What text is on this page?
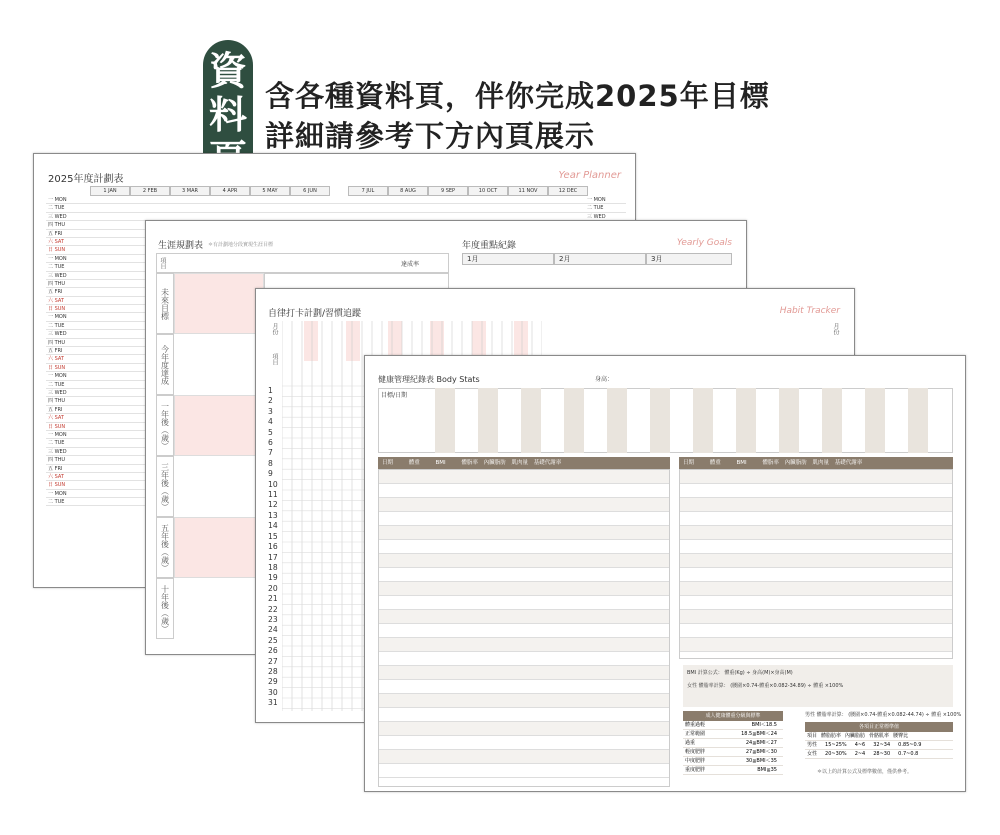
資
料 含各種資料頁，伴你完成2025年目標
詳細請參考下方內頁展示
2025年度計劃表	Year Planner
1 JAN	2 FEB	3 MAR	4 APR	5 MAY	6 JUN	7 JUL	8 AUG	9 SEP	10 OCT	11 NOV	12 DEC
一 MON
二 TUE
三 WED
四 THU
五 FRI
六 SAT
日 SUN
一 MON
二 TUE
三 WED
四 THU
五 FRI
六 SAT
日 SUN
一 MON
二 TUE
三 WED
四 THU
五 FRI
六 SAT
日 SUN
一 MON
二 TUE
三 WED
四 THU
五 FRI
六 SAT
日 SUN
一 MON
二 TUE
三 WED
四 THU
五 FRI
六 SAT
日 SUN
一 MON
二 TUE
一 MON
二 TUE
三 WED
生涯規劃表 ＊有計劃地分段實現生涯目標	年度重點紀錄	Yearly Goals
項目	達成率
未來目標
今年度達成
一年後（歲）
三年後（歲）
五年後（歲）
十年後（歲）
1月	2月	3月
自律打卡計劃/習慣追蹤	Habit Tracker
月份
項目
月份
1
2
3
4
5
6
7
8
9
10
11
12
13
14
15
16
17
18
19
20
21
22
23
24
25
26
27
28
29
30
31
健康管理紀錄表 Body Stats	身高：
目標/日期
日期	體重	BMI	體脂率 內臟脂肪 肌肉量 基礎代謝率	日期	體重	BMI	體脂率 內臟脂肪 肌肉量 基礎代謝率
BMI 計算公式： 體重(Kg) ÷ 身高(M)×身高(M)
女性 體脂率計算： (腰圍×0.74-體重×0.082-34.89) ÷ 體重 ×100%
男性 體脂率計算： (腰圍×0.74-體重×0.082-44.74) ÷ 體重 ×100%
成人健康體重分級與標準
體重過輕	BMI＜18.5
正常範圍	18.5≦BMI＜24
過重	24≦BMI＜27
輕度肥胖	27≦BMI＜30
中度肥胖	30≦BMI＜35
重度肥胖	BMI≧35
各項目正常標準值
項目 體脂肪率 內臟脂肪 骨骼肌率 腰臀比
男性 15~25% 4~6 32~34 0.85~0.9
女性 20~30% 2~4 28~30 0.7~0.8
＊以上的計算公式及標準數值，僅供參考。
